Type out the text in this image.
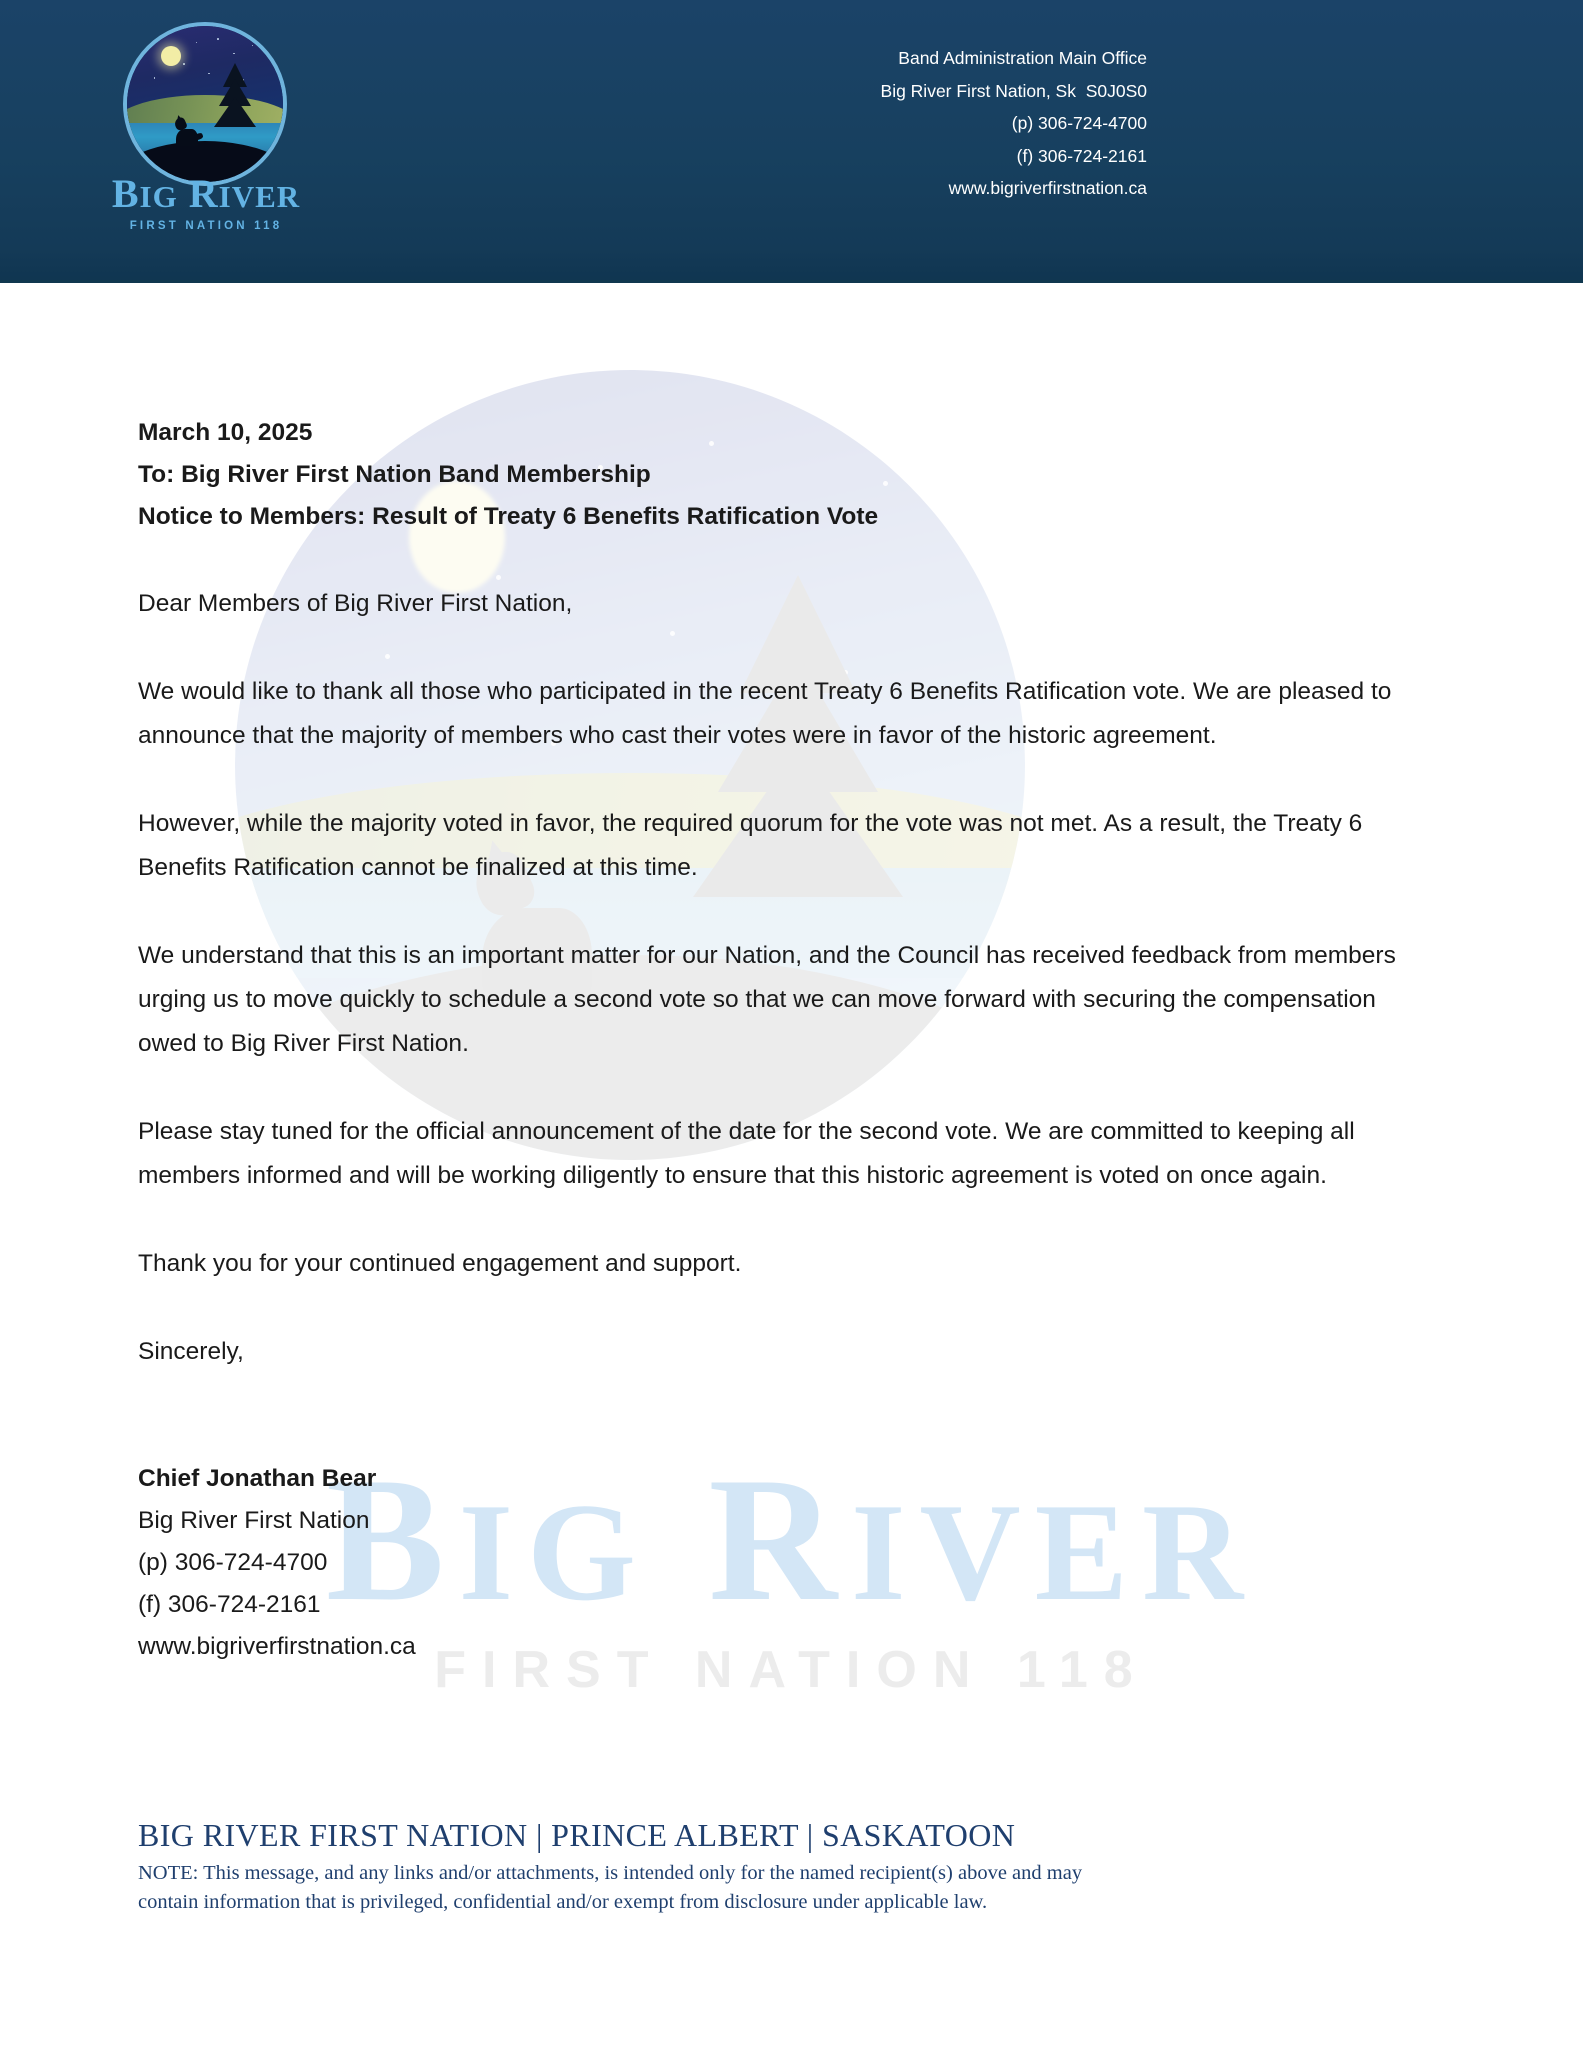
BIG RIVER
FIRST NATION 118
Band Administration Main Office
Big River First Nation, Sk  S0J0S0
(p) 306-724-4700
(f) 306-724-2161
www.bigriverfirstnation.ca
BIG RIVER
FIRST NATION 118
March 10, 2025
To: Big River First Nation Band Membership
Notice to Members: Result of Treaty 6 Benefits Ratification Vote

Dear Members of Big River First Nation,

We would like to thank all those who participated in the recent Treaty 6 Benefits Ratification vote. We are pleased to announce that the majority of members who cast their votes were in favor of the historic agreement.

However, while the majority voted in favor, the required quorum for the vote was not met. As a result, the Treaty 6 Benefits Ratification cannot be finalized at this time.

We understand that this is an important matter for our Nation, and the Council has received feedback from members urging us to move quickly to schedule a second vote so that we can move forward with securing the compensation owed to Big River First Nation.

Please stay tuned for the official announcement of the date for the second vote. We are committed to keeping all members informed and will be working diligently to ensure that this historic agreement is voted on once again.

Thank you for your continued engagement and support.

Sincerely,

Chief Jonathan Bear
Big River First Nation
(p) 306-724-4700
(f) 306-724-2161
www.bigriverfirstnation.ca
BIG RIVER FIRST NATION | PRINCE ALBERT | SASKATOON
NOTE: This message, and any links and/or attachments, is intended only for the named recipient(s) above and may
contain information that is privileged, confidential and/or exempt from disclosure under applicable law.
